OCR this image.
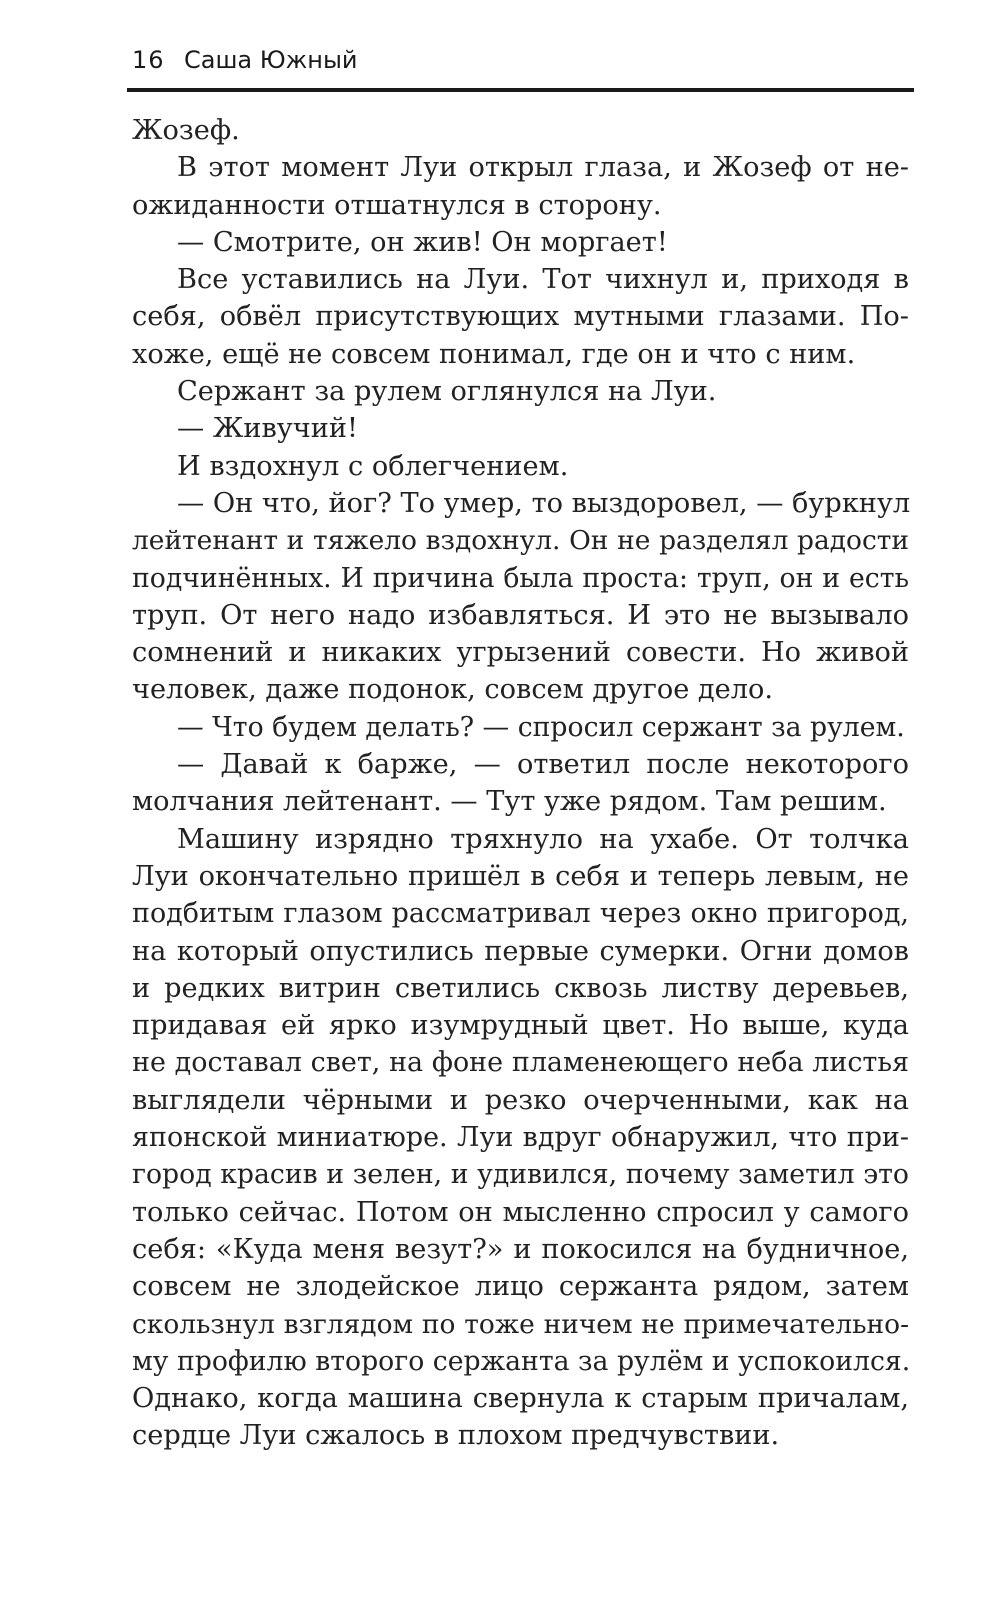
16 Саша Южный
Жозеф.
В этот момент Луи открыл глаза, и Жозеф от не-
ожиданности отшатнулся в сторону.
— Смотрите, он жив! Он моргает!
Все уставились на Луи. Тот чихнул и, приходя в
себя, обвёл присутствующих мутными глазами. По-
хоже, ещё не совсем понимал, где он и что с ним.
Сержант за рулем оглянулся на Луи.
— Живучий!
И вздохнул с облегчением.
— Он что, йог? То умер, то выздоровел, — буркнул
лейтенант и тяжело вздохнул. Он не разделял радости
подчинённых. И причина была проста: труп, он и есть
труп. От него надо избавляться. И это не вызывало
сомнений и никаких угрызений совести. Но живой
человек, даже подонок, совсем другое дело.
— Что будем делать? — спросил сержант за рулем.
— Давай к барже, — ответил после некоторого
молчания лейтенант. — Тут уже рядом. Там решим.
Машину изрядно тряхнуло на ухабе. От толчка
Луи окончательно пришёл в себя и теперь левым, не
подбитым глазом рассматривал через окно пригород,
на который опустились первые сумерки. Огни домов
и редких витрин светились сквозь листву деревьев,
придавая ей ярко изумрудный цвет. Но выше, куда
не доставал свет, на фоне пламенеющего неба листья
выглядели чёрными и резко очерченными, как на
японской миниатюре. Луи вдруг обнаружил, что при-
город красив и зелен, и удивился, почему заметил это
только сейчас. Потом он мысленно спросил у самого
себя: «Куда меня везут?» и покосился на будничное,
совсем не злодейское лицо сержанта рядом, затем
скользнул взглядом по тоже ничем не примечательно-
му профилю второго сержанта за рулём и успокоился.
Однако, когда машина свернула к старым причалам,
сердце Луи сжалось в плохом предчувствии.
